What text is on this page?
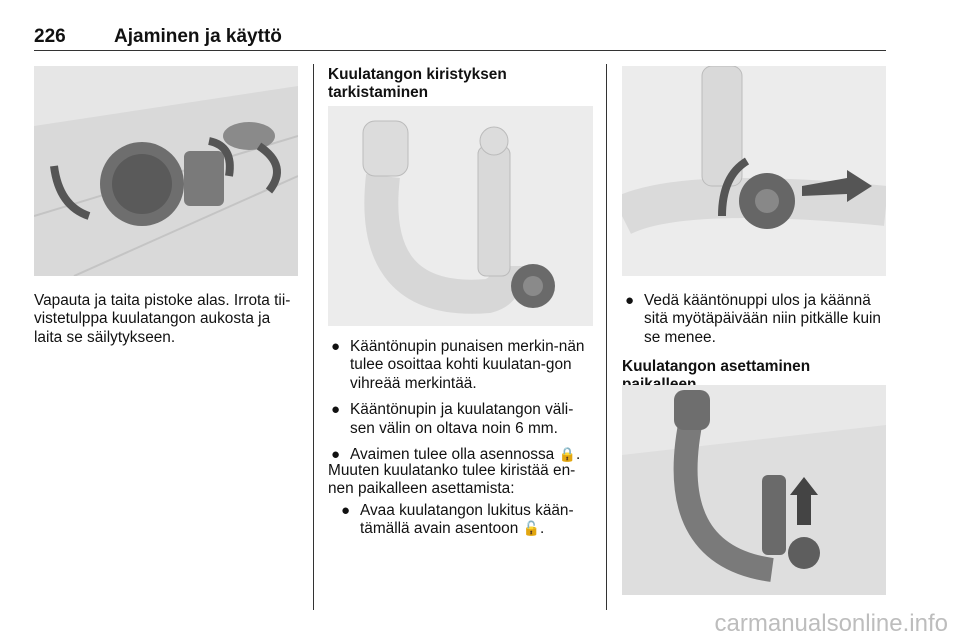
226	Ajaminen ja käyttö
Vapauta ja taita pistoke alas. Irrota tii-vistetulppa kuulatangon aukosta ja laita se säilytykseen.
Kuulatangon kiristyksen tarkistaminen
● Kääntönupin punaisen merkin-nän tulee osoittaa kohti kuulatan-gon vihreää merkintää.
● Kääntönupin ja kuulatangon väli-sen välin on oltava noin 6 mm.
● Avaimen tulee olla asennossa 🔒.
Muuten kuulatanko tulee kiristää en-nen paikalleen asettamista:
● Avaa kuulatangon lukitus kään-tämällä avain asentoon 🔓.
● Vedä kääntönuppi ulos ja käännä sitä myötäpäivään niin pitkälle kuin se menee.
Kuulatangon asettaminen
carmanualsonline.info
